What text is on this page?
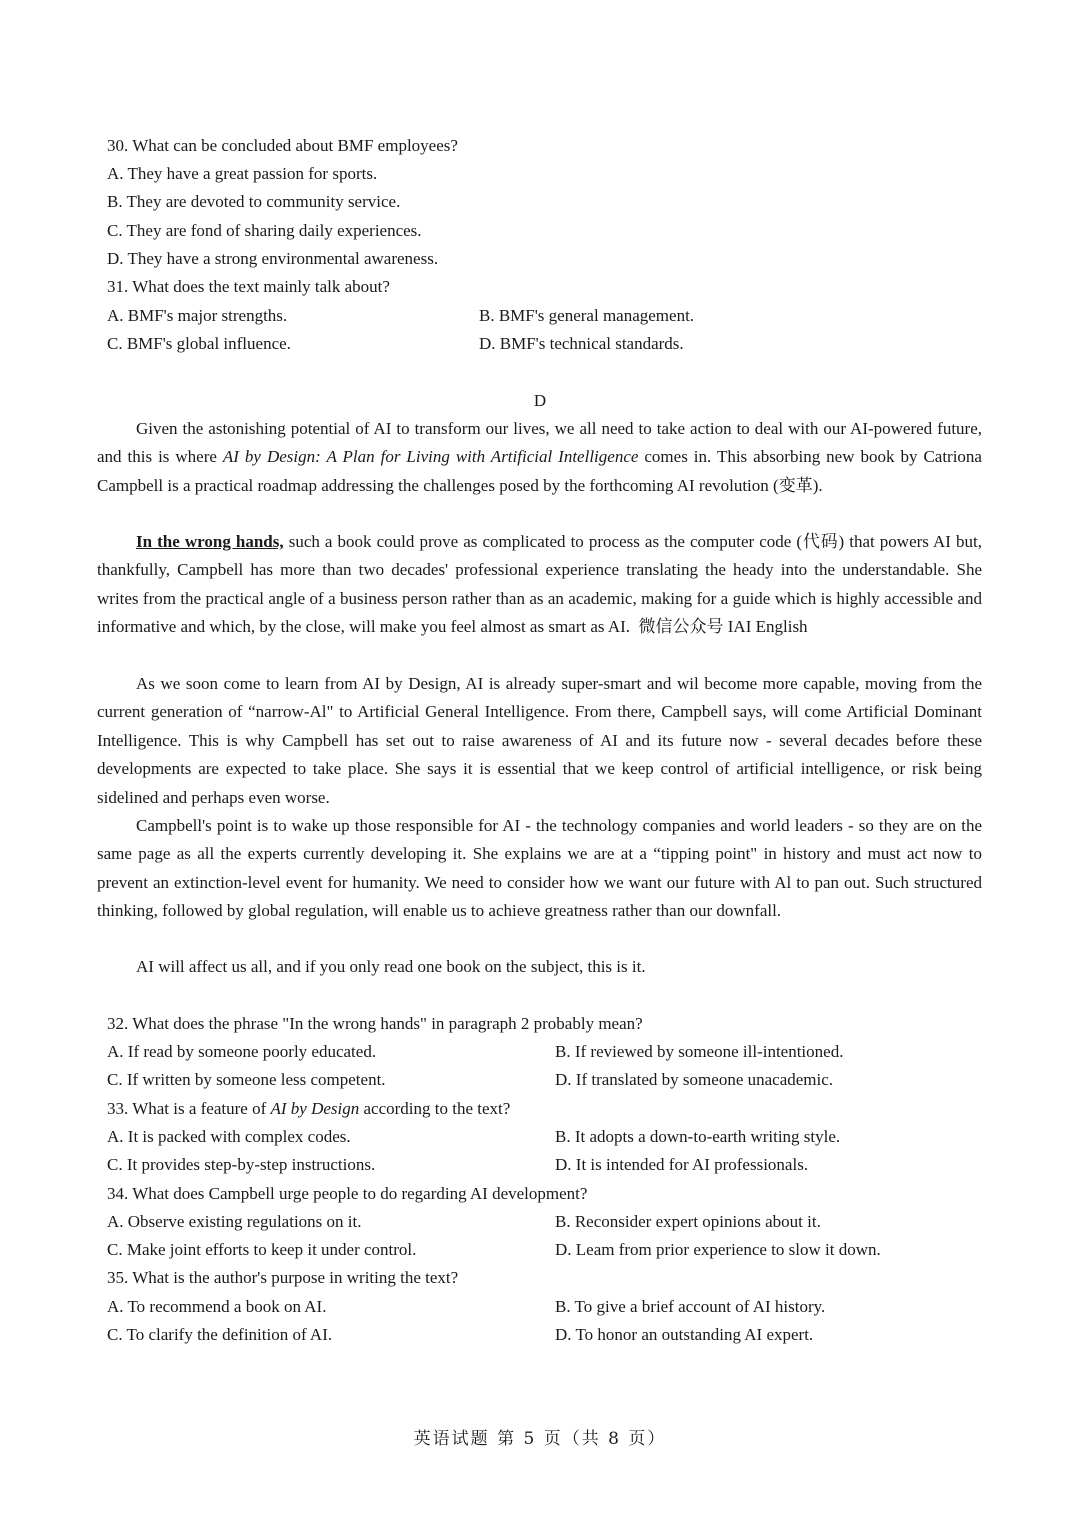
30. What can be concluded about BMF employees?
A. They have a great passion for sports.
B. They are devoted to community service.
C. They are fond of sharing daily experiences.
D. They have a strong environmental awareness.
31. What does the text mainly talk about?
A. BMF's major strengths.	B. BMF's general management.
C. BMF's global influence.	D. BMF's technical standards.
D
Given the astonishing potential of AI to transform our lives, we all need to take action to deal with our AI-powered future, and this is where AI by Design: A Plan for Living with Artificial Intelligence comes in. This absorbing new book by Catriona Campbell is a practical roadmap addressing the challenges posed by the forthcoming AI revolution (变革).
In the wrong hands, such a book could prove as complicated to process as the computer code (代码) that powers AI but, thankfully, Campbell has more than two decades' professional experience translating the heady into the understandable. She writes from the practical angle of a business person rather than as an academic, making for a guide which is highly accessible and informative and which, by the close, will make you feel almost as smart as AI. 微信公众号 IAI English
As we soon come to learn from AI by Design, AI is already super-smart and wil become more capable, moving from the current generation of “narrow-Al" to Artificial General Intelligence. From there, Campbell says, will come Artificial Dominant Intelligence. This is why Campbell has set out to raise awareness of AI and its future now - several decades before these developments are expected to take place. She says it is essential that we keep control of artificial intelligence, or risk being sidelined and perhaps even worse.
Campbell's point is to wake up those responsible for AI - the technology companies and world leaders - so they are on the same page as all the experts currently developing it. She explains we are at a “tipping point" in history and must act now to prevent an extinction-level event for humanity. We need to consider how we want our future with Al to pan out. Such structured thinking, followed by global regulation, will enable us to achieve greatness rather than our downfall.
AI will affect us all, and if you only read one book on the subject, this is it.
32. What does the phrase "In the wrong hands" in paragraph 2 probably mean?
A. If read by someone poorly educated.	B. If reviewed by someone ill-intentioned.
C. If written by someone less competent.	D. If translated by someone unacademic.
33. What is a feature of AI by Design according to the text?
A. It is packed with complex codes.	B. It adopts a down-to-earth writing style.
C. It provides step-by-step instructions.	D. It is intended for AI professionals.
34. What does Campbell urge people to do regarding AI development?
A. Observe existing regulations on it.	B. Reconsider expert opinions about it.
C. Make joint efforts to keep it under control.	D. Leam from prior experience to slow it down.
35. What is the author's purpose in writing the text?
A. To recommend a book on AI.	B. To give a brief account of AI history.
C. To clarify the definition of AI.	D. To honor an outstanding AI expert.
英语试题 第 5 页（共 8 页）
